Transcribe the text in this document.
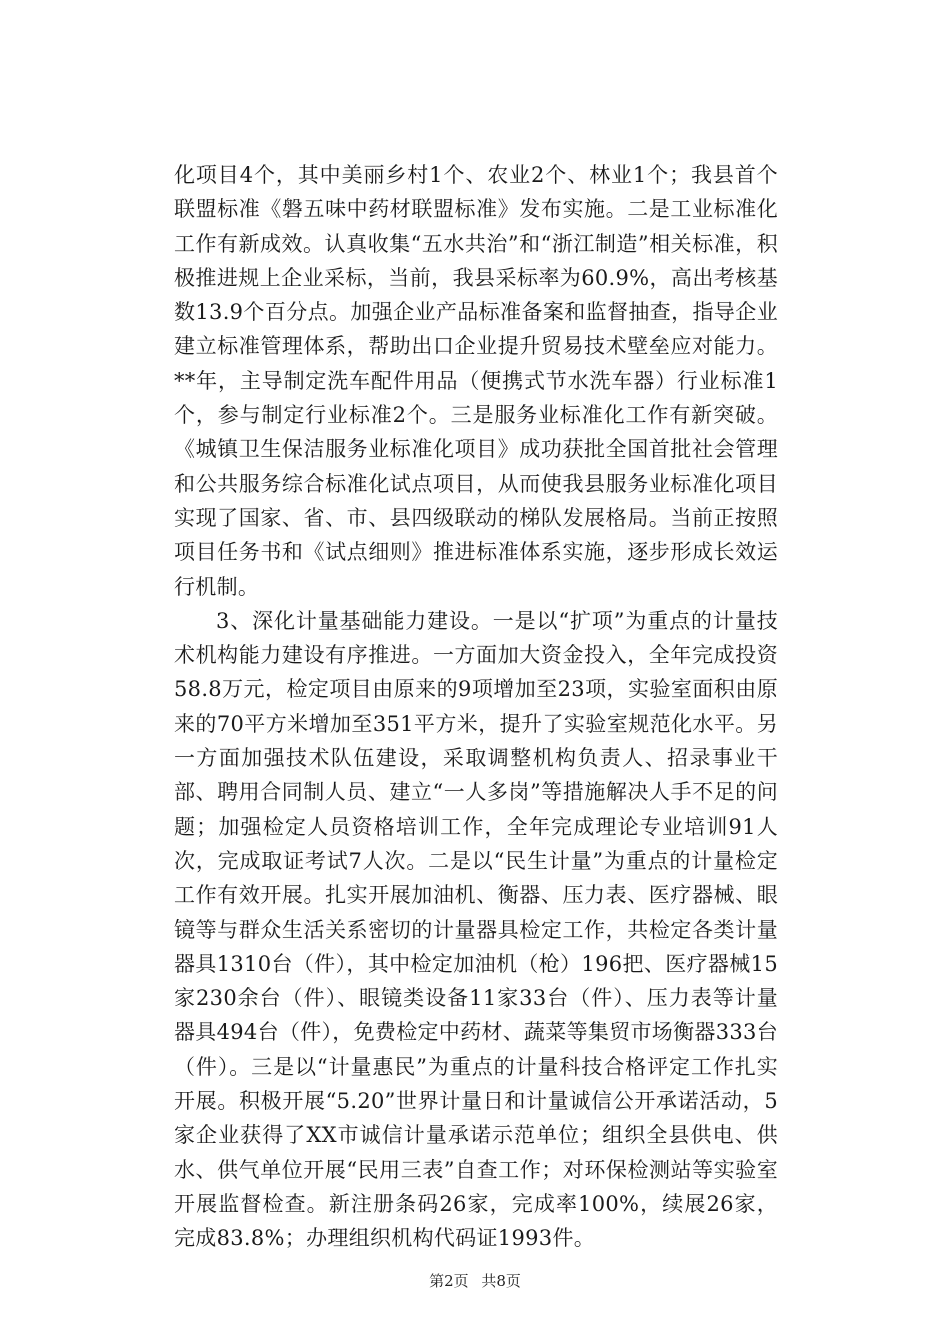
化项目4个，其中美丽乡村1个、农业2个、林业1个；我县首个联盟标准《磐五味中药材联盟标准》发布实施。二是工业标准化工作有新成效。认真收集“五水共治”和“浙江制造”相关标准，积极推进规上企业采标，当前，我县采标率为60.9%，高出考核基数13.9个百分点。加强企业产品标准备案和监督抽查，指导企业建立标准管理体系，帮助出口企业提升贸易技术壁垒应对能力。**年，主导制定洗车配件用品（便携式节水洗车器）行业标准1个，参与制定行业标准2个。三是服务业标准化工作有新突破。《城镇卫生保洁服务业标准化项目》成功获批全国首批社会管理和公共服务综合标准化试点项目，从而使我县服务业标准化项目实现了国家、省、市、县四级联动的梯队发展格局。当前正按照项目任务书和《试点细则》推进标准体系实施，逐步形成长效运行机制。

3、深化计量基础能力建设。一是以“扩项”为重点的计量技术机构能力建设有序推进。一方面加大资金投入，全年完成投资58.8万元，检定项目由原来的9项增加至23项，实验室面积由原来的70平方米增加至351平方米，提升了实验室规范化水平。另一方面加强技术队伍建设，采取调整机构负责人、招录事业干部、聘用合同制人员、建立“一人多岗”等措施解决人手不足的问题；加强检定人员资格培训工作，全年完成理论专业培训91人次，完成取证考试7人次。二是以“民生计量”为重点的计量检定工作有效开展。扎实开展加油机、衡器、压力表、医疗器械、眼镜等与群众生活关系密切的计量器具检定工作，共检定各类计量器具1310台（件），其中检定加油机（枪）196把、医疗器械15家230余台（件）、眼镜类设备11家33台（件）、压力表等计量器具494台（件），免费检定中药材、蔬菜等集贸市场衡器333台（件）。三是以“计量惠民”为重点的计量科技合格评定工作扎实开展。积极开展“5.20”世界计量日和计量诚信公开承诺活动，5家企业获得了XX市诚信计量承诺示范单位；组织全县供电、供水、供气单位开展“民用三表”自查工作；对环保检测站等实验室开展监督检查。新注册条码26家，完成率100%，续展26家，完成83.8%；办理组织机构代码证1993件。

第2页 共8页
